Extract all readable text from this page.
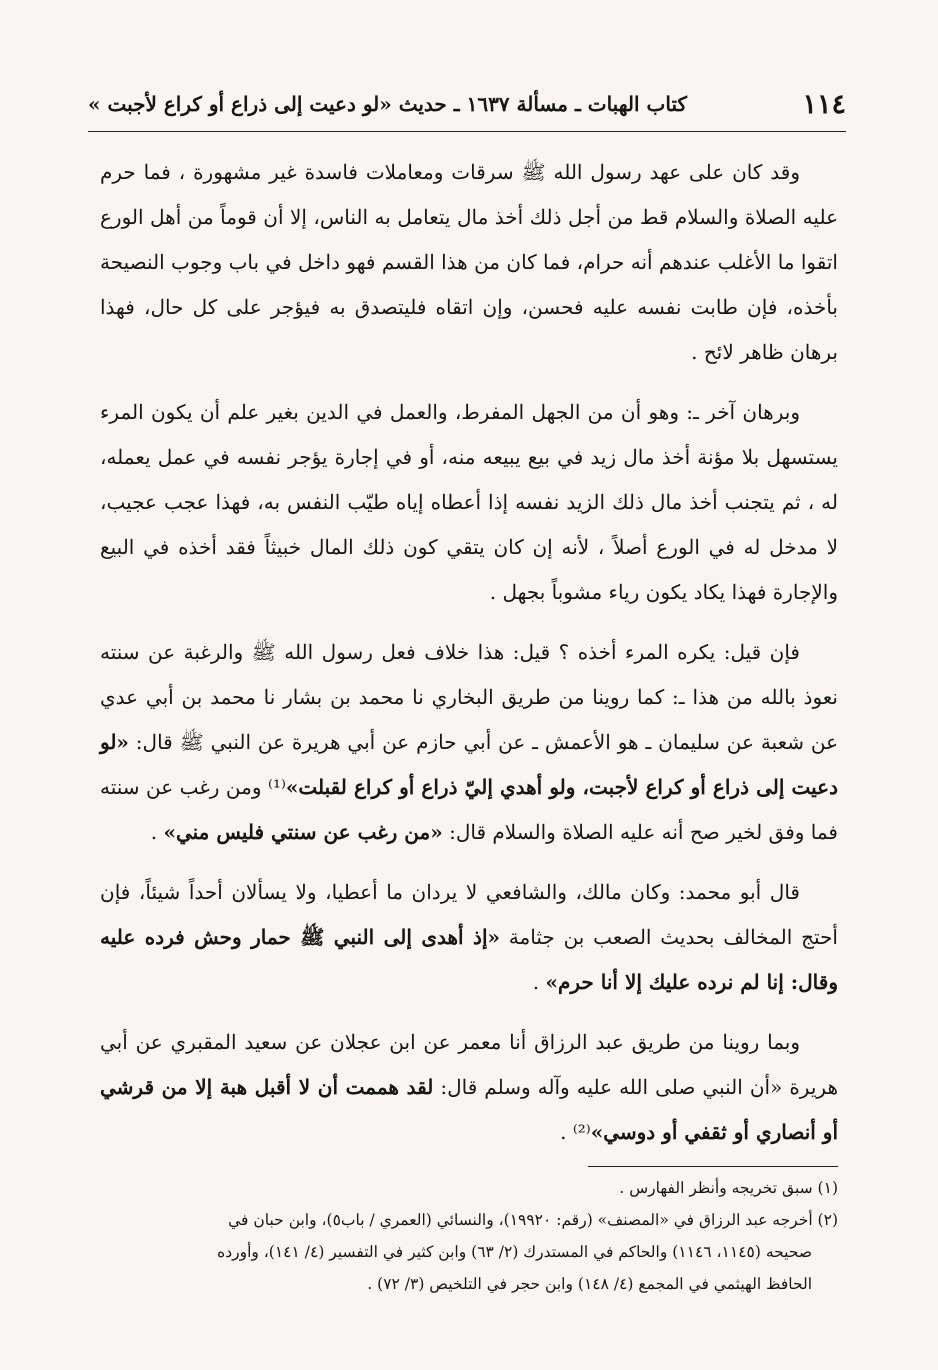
١١٤
كتاب الهبات ـ مسألة ١٦٣٧ ـ حديث «لو دعيت إلى ذراع أو كراع لأجبت »

وقد كان على عهد رسول الله ﷺ سرقات ومعاملات فاسدة غير مشهورة ، فما حرم عليه الصلاة والسلام قط من أجل ذلك أخذ مال يتعامل به الناس، إلا أن قوماً من أهل الورع اتقوا ما الأغلب عندهم أنه حرام، فما كان من هذا القسم فهو داخل في باب وجوب النصيحة بأخذه، فإن طابت نفسه عليه فحسن، وإن اتقاه فليتصدق به فيؤجر على كل حال، فهذا برهان ظاهر لائح .

وبرهان آخر ـ: وهو أن من الجهل المفرط، والعمل في الدين بغير علم أن يكون المرء يستسهل بلا مؤنة أخذ مال زيد في بيع يبيعه منه، أو في إجارة يؤجر نفسه في عمل يعمله، له ، ثم يتجنب أخذ مال ذلك الزيد نفسه إذا أعطاه إياه طيّب النفس به، فهذا عجب عجيب، لا مدخل له في الورع أصلاً ، لأنه إن كان يتقي كون ذلك المال خبيثاً فقد أخذه في البيع والإجارة فهذا يكاد يكون رياء مشوباً بجهل .

فإن قيل: يكره المرء أخذه ؟ قيل: هذا خلاف فعل رسول الله ﷺ والرغبة عن سنته نعوذ بالله من هذا ـ: كما روينا من طريق البخاري نا محمد بن بشار نا محمد بن أبي عدي عن شعبة عن سليمان ـ هو الأعمش ـ عن أبي حازم عن أبي هريرة عن النبي ﷺ قال: «لو دعيت إلى ذراع أو كراع لأجبت، ولو أهدي إليّ ذراع أو كراع لقبلت»⁽¹⁾ ومن رغب عن سنته فما وفق لخير صح أنه عليه الصلاة والسلام قال: «من رغب عن سنتي فليس مني» .

قال أبو محمد: وكان مالك، والشافعي لا يردان ما أعطيا، ولا يسألان أحداً شيئاً، فإن أحتج المخالف بحديث الصعب بن جثامة «إذ أهدى إلى النبي ﷺ حمار وحش فرده عليه وقال: إنا لم نرده عليك إلا أنا حرم» .

وبما روينا من طريق عبد الرزاق أنا معمر عن ابن عجلان عن سعيد المقبري عن أبي هريرة «أن النبي صلى الله عليه وآله وسلم قال: لقد هممت أن لا أقبل هبة إلا من قرشي أو أنصاري أو ثقفي أو دوسي»⁽²⁾ .

(١) سبق تخريجه وأنظر الفهارس .

(٢) أخرجه عبد الرزاق في «المصنف» (رقم: ١٩٩٢٠)، والنسائي (العمري / باب٥)، وابن حبان في

صحيحه (١١٤٥، ١١٤٦) والحاكم في المستدرك (٢/ ٦٣) وابن كثير في التفسير (٤/ ١٤١)، وأورده

الحافظ الهيثمي في المجمع (٤/ ١٤٨) وابن حجر في التلخيص (٣/ ٧٢) .
